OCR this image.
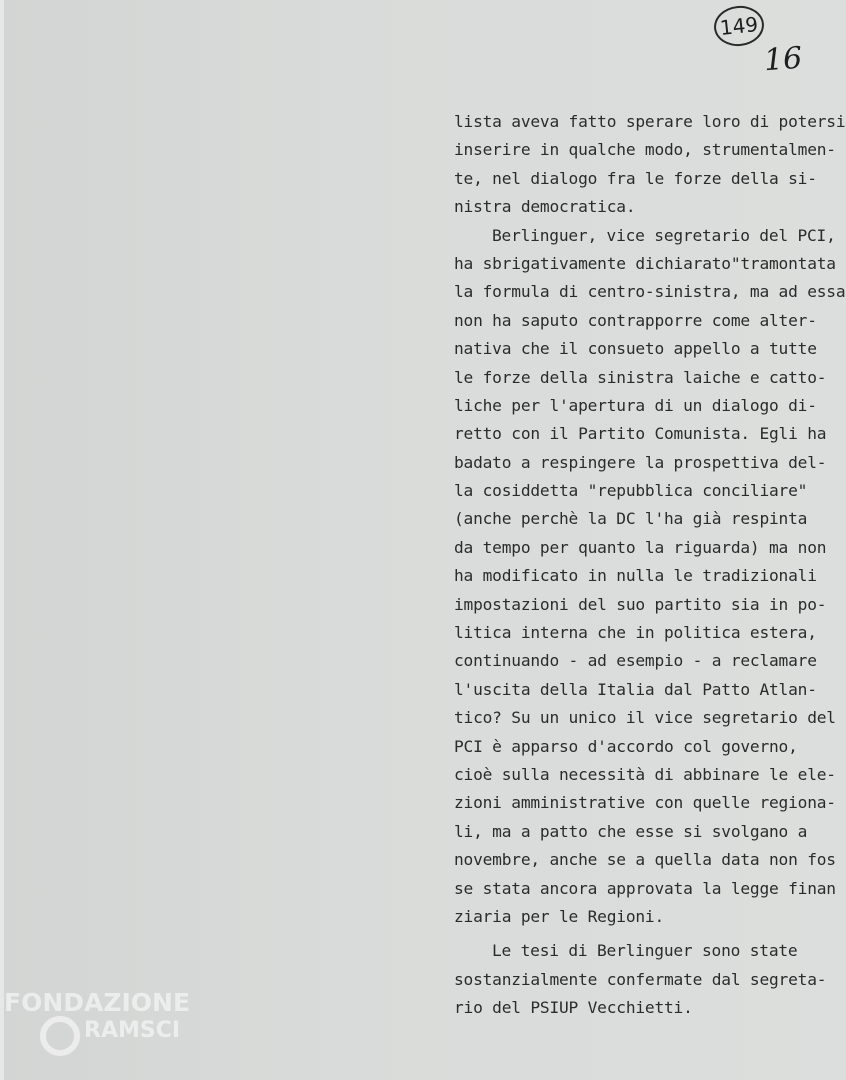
149
16
lista aveva fatto sperare loro di potersi
inserire in qualche modo, strumentalmen-
te, nel dialogo fra le forze della si-
nistra democratica.
Berlinguer, vice segretario del PCI,
ha sbrigativamente dichiarato"tramontata
la formula di centro-sinistra, ma ad essa
non ha saputo contrapporre come alter-
nativa che il consueto appello a tutte
le forze della sinistra laiche e catto-
liche per l'apertura di un dialogo di-
retto con il Partito Comunista. Egli ha
badato a respingere la prospettiva del-
la cosiddetta "repubblica conciliare"
(anche perchè la DC l'ha già respinta
da tempo per quanto la riguarda) ma non
ha modificato in nulla le tradizionali
impostazioni del suo partito sia in po-
litica interna che in politica estera,
continuando - ad esempio - a reclamare
l'uscita della Italia dal Patto Atlan-
tico? Su un unico il vice segretario del
PCI è apparso d'accordo col governo,
cioè sulla necessità di abbinare le ele-
zioni amministrative con quelle regiona-
li, ma a patto che esse si svolgano a
novembre, anche se a quella data non fos
se stata ancora approvata la legge finan
ziaria per le Regioni.
Le tesi di Berlinguer sono state
sostanzialmente confermate dal segreta-
rio del PSIUP Vecchietti.
FONDAZIONE
RAMSCI
